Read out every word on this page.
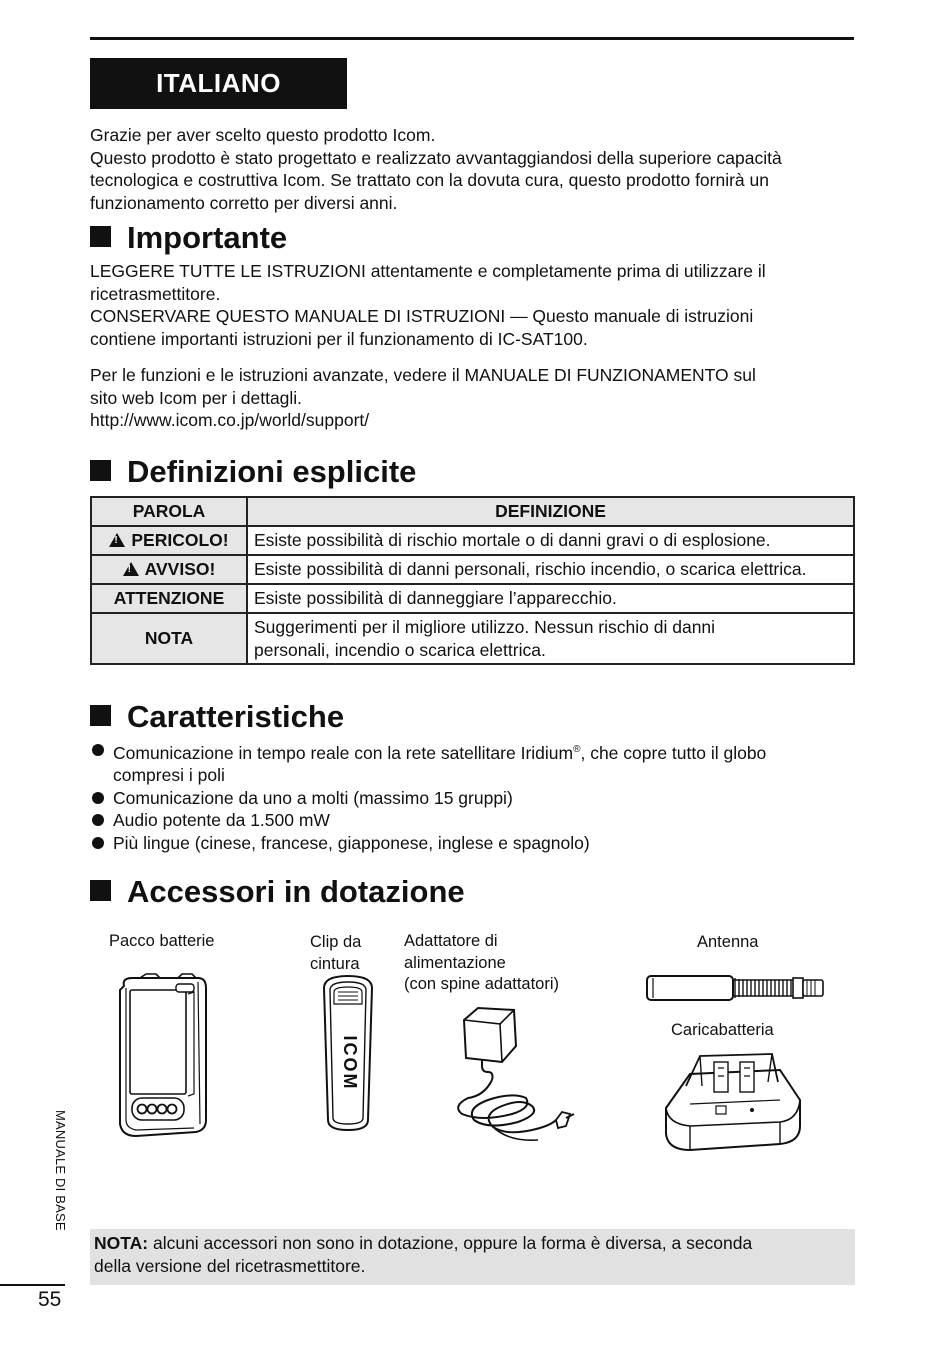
ITALIANO
Grazie per aver scelto questo prodotto Icom.
Questo prodotto è stato progettato e realizzato avvantaggiandosi della superiore capacità
tecnologica e costruttiva Icom. Se trattato con la dovuta cura, questo prodotto fornirà un
funzionamento corretto per diversi anni.
Importante
LEGGERE TUTTE LE ISTRUZIONI attentamente e completamente prima di utilizzare il
ricetrasmettitore.
CONSERVARE QUESTO MANUALE DI ISTRUZIONI — Questo manuale di istruzioni
contiene importanti istruzioni per il funzionamento di IC-SAT100.
Per le funzioni e le istruzioni avanzate, vedere il MANUALE DI FUNZIONAMENTO sul
sito web Icom per i dettagli.
http://www.icom.co.jp/world/support/
Definizioni esplicite
PAROLA	DEFINIZIONE
!PERICOLO!	Esiste possibilità di rischio mortale o di danni gravi o di esplosione.
!AVVISO!	Esiste possibilità di danni personali, rischio incendio, o scarica elettrica.
ATTENZIONE	Esiste possibilità di danneggiare l’apparecchio.
NOTA	Suggerimenti per il migliore utilizzo. Nessun rischio di danni
personali, incendio o scarica elettrica.
Caratteristiche
Comunicazione in tempo reale con la rete satellitare Iridium®, che copre tutto il globo
compresi i poli
Comunicazione da uno a molti (massimo 15 gruppi)
Audio potente da 1.500 mW
Più lingue (cinese, francese, giapponese, inglese e spagnolo)
Accessori in dotazione
Pacco batterie	Clip da
cintura
Adattatore di
alimentazione
(con spine adattatori)
Antenna
Caricabatteria
ICOM
MANUALE DI BASE
55
NOTA: alcuni accessori non sono in dotazione, oppure la forma è diversa, a seconda
della versione del ricetrasmettitore.
